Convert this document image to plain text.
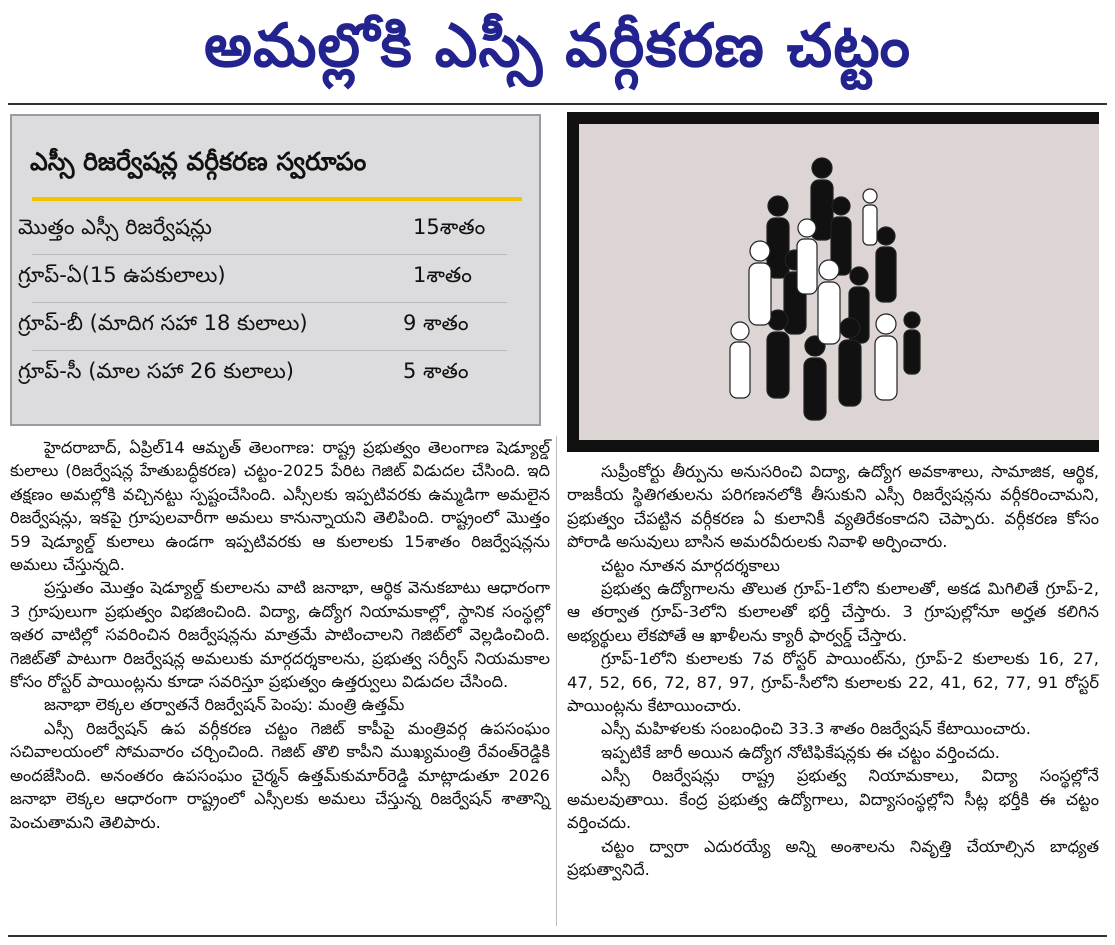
అమల్లోకి ఎస్సీ వర్గీకరణ చట్టం
ఎస్సీ రిజర్వేషన్ల వర్గీకరణ స్వరూపం
మొత్తం ఎస్సీ రిజర్వేషన్లు	15శాతం
గ్రూప్‌-ఏ(15 ఉపకులాలు)	1శాతం
గ్రూప్‌-బీ (మాదిగ సహా 18 కులాలు)	9 శాతం
గ్రూప్‌-సీ (మాల సహా 26 కులాలు)	5 శాతం

హైదరాబాద్‌, ఏప్రిల్‌14 ఆమృత్‌ తెలంగాణ: రాష్ట్ర ప్రభుత్వం తెలంగాణ షెడ్యూల్డ్‌ కులాలు (రిజర్వేషన్ల హేతుబద్ధీకరణ) చట్టం-2025 పేరిట గెజిట్‌ విడుదల చేసింది. ఇది తక్షణం అమల్లోకి వచ్చినట్టు స్పష్టంచేసింది. ఎస్సీలకు ఇప్పటివరకు ఉమ్మడిగా అమలైన రిజర్వేషన్లు, ఇకపై గ్రూపులవారీగా అమలు కానున్నాయని తెలిపింది. రాష్ట్రంలో మొత్తం 59 షెడ్యూల్డ్‌ కులాలు ఉండగా ఇప్పటివరకు ఆ కులాలకు 15శాతం రిజర్వేషన్లను అమలు చేస్తున్నది.

ప్రస్తుతం మొత్తం షెడ్యూల్డ్‌ కులాలను వాటి జనాభా, ఆర్థిక వెనుకబాటు ఆధారంగా 3 గ్రూపులుగా ప్రభుత్వం విభజించింది. విద్యా, ఉద్యోగ నియామకాల్లో, స్థానిక సంస్థల్లో ఇతర వాటిల్లో సవరించిన రిజర్వేషన్లను మాత్రమే పాటించాలని గెజిట్‌లో వెల్లడించింది. గెజిట్‌తో పాటుగా రిజర్వేషన్ల అమలుకు మార్గదర్శకాలను, ప్రభుత్వ సర్వీస్‌ నియమకాల కోసం రోస్టర్‌ పాయింట్లను కూడా సవరిస్తూ ప్రభుత్వం ఉత్తర్వులు విడుదల చేసింది.

జనాభా లెక్కల తర్వాతనే రిజర్వేషన్‌ పెంపు: మంత్రి ఉత్తమ్‌

ఎస్సీ రిజర్వేషన్‌ ఉప వర్గీకరణ చట్టం గెజిట్‌ కాపీపై మంత్రివర్గ ఉపసంఘం సచివాలయంలో సోమవారం చర్చించింది. గెజిట్‌ తొలి కాపీని ముఖ్యమంత్రి రేవంత్‌రెడ్డికి అందజేసింది. అనంతరం ఉపసంఘం చైర్మన్‌ ఉత్తమ్‌కుమార్‌రెడ్డి మాట్లాడుతూ 2026 జనాభా లెక్కల ఆధారంగా రాష్ట్రంలో ఎస్సీలకు అమలు చేస్తున్న రిజర్వేషన్‌ శాతాన్ని పెంచుతామని తెలిపారు.

సుప్రీంకోర్టు తీర్పును అనుసరించి విద్యా, ఉద్యోగ అవకాశాలు, సామాజిక, ఆర్థిక, రాజకీయ స్థితిగతులను పరిగణనలోకి తీసుకుని ఎస్సీ రిజర్వేషన్లను వర్గీకరించామని, ప్రభుత్వం చేపట్టిన వర్గీకరణ ఏ కులానికీ వ్యతిరేకంకాదని చెప్పారు. వర్గీకరణ కోసం పోరాడి అసువులు బాసిన అమరవీరులకు నివాళి అర్పించారు.

చట్టం నూతన మార్గదర్శకాలు

ప్రభుత్వ ఉద్యోగాలను తొలుత గ్రూప్‌-1లోని కులాలతో, అకడ మిగిలితే గ్రూప్‌-2, ఆ తర్వాత గ్రూప్‌-3లోని కులాలతో భర్తీ చేస్తారు. 3 గ్రూపుల్లోనూ అర్హత కలిగిన అభ్యర్థులు లేకపోతే ఆ ఖాళీలను క్యారీ ఫార్వర్డ్‌ చేస్తారు.

గ్రూప్‌-1లోని కులాలకు 7వ రోస్టర్‌ పాయింట్‌ను, గ్రూప్‌-2 కులాలకు 16, 27, 47, 52, 66, 72, 87, 97, గ్రూప్‌-సీలోని కులాలకు 22, 41, 62, 77, 91 రోస్టర్‌ పాయింట్లను కేటాయించారు.

ఎస్సీ మహిళలకు సంబంధించి 33.3 శాతం రిజర్వేషన్‌ కేటాయించారు.

ఇప్పటికే జారీ అయిన ఉద్యోగ నోటిఫికేషన్లకు ఈ చట్టం వర్తించదు.

ఎస్సీ రిజర్వేషన్లు రాష్ట్ర ప్రభుత్వ నియామకాలు, విద్యా సంస్థల్లోనే అమలవుతాయి. కేంద్ర ప్రభుత్వ ఉద్యోగాలు, విద్యాసంస్థల్లోని సీట్ల భర్తీకి ఈ చట్టం వర్తించదు.

చట్టం ద్వారా ఎదురయ్యే అన్ని అంశాలను నివృత్తి చేయాల్సిన బాధ్యత ప్రభుత్వానిదే.
